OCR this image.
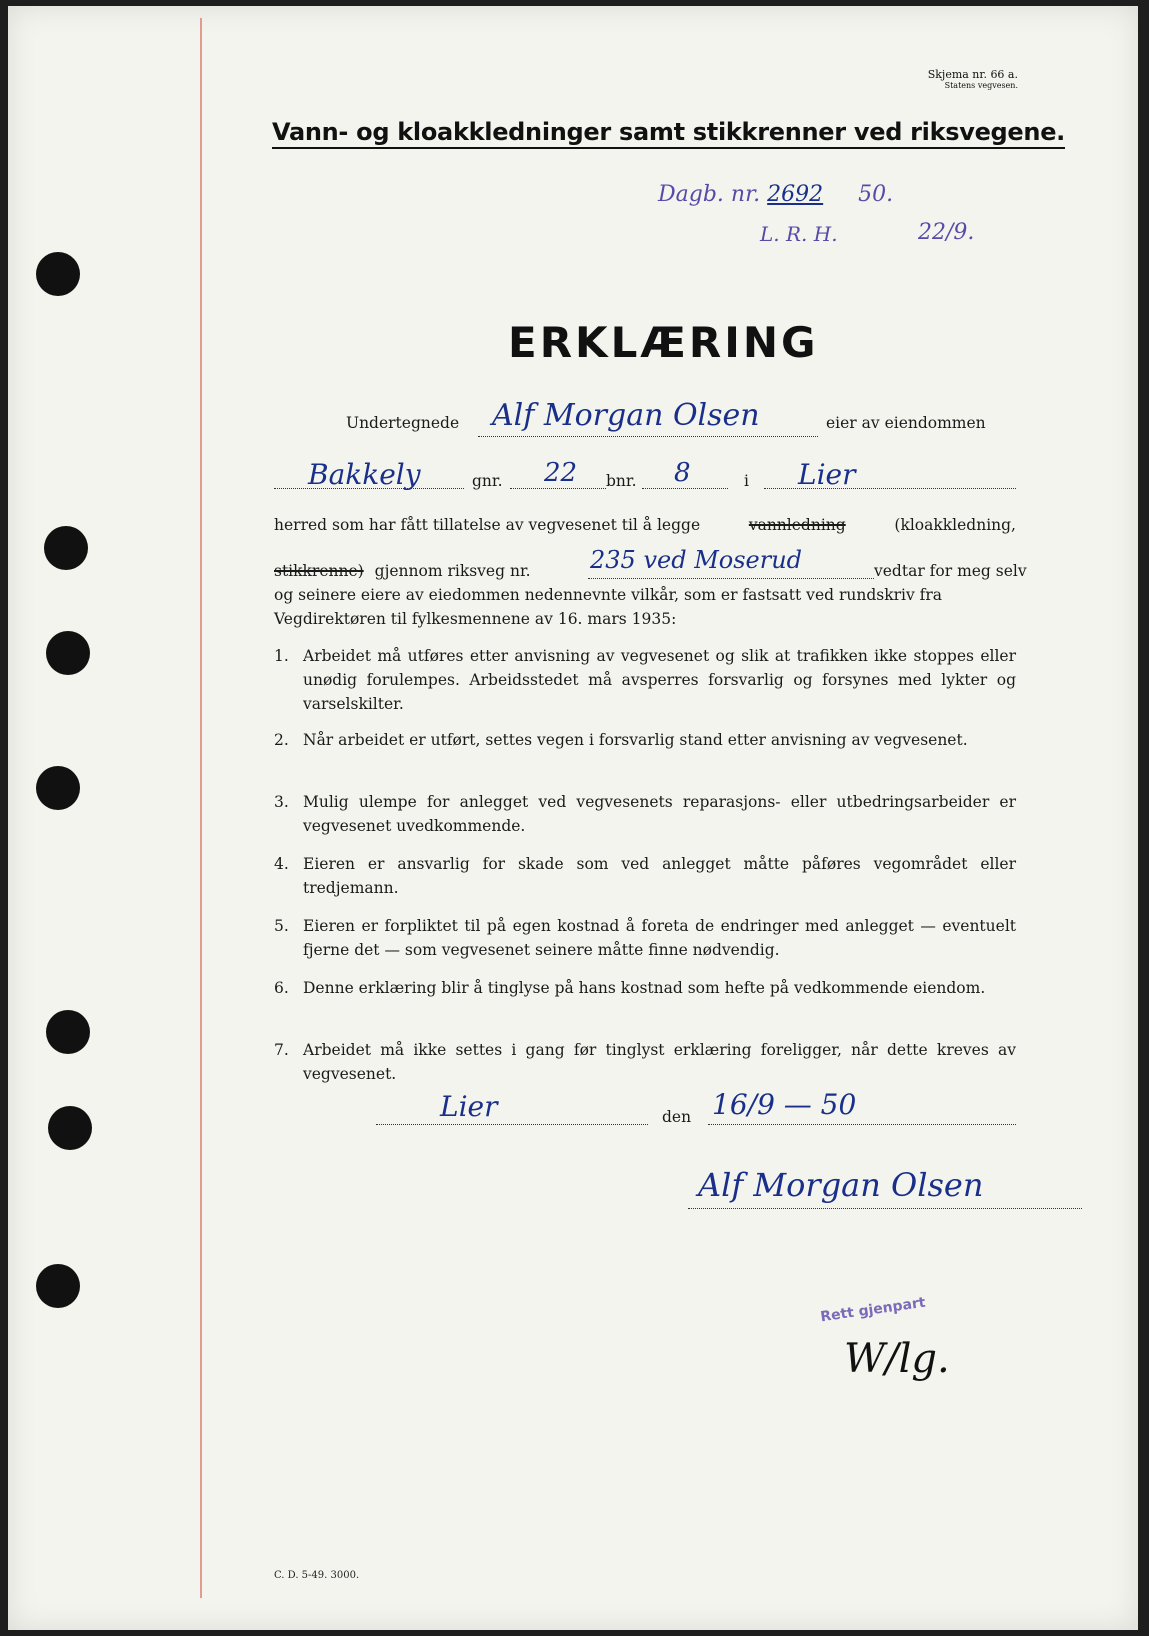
Skjema nr. 66 a.
Statens vegvesen.
Vann- og kloakkledninger samt stikkrenner ved riksvegene.
Dagb. nr. 2692 50.
L. R. H.	22/9.
ERKLÆRING
Undertegnede Alf Morgan Olsen	eier av eiendommen
Bakkely	gnr. 22 bnr. 8	i Lier
herred som har fått tillatelse av vegvesenet til å legge	vannledning	(kloakkledning,
stikkrenne) gjennom riksveg nr. 235 ved Moserud	vedtar for meg selv
og seinere eiere av eiedommen nedennevnte vilkår, som er fastsatt ved rundskriv fra
Vegdirektøren til fylkesmennene av 16. mars 1935:
1. Arbeidet må utføres etter anvisning av vegvesenet og slik at trafikken ikke stoppes eller unødig forulempes. Arbeidsstedet må avsperres forsvarlig og forsynes med lykter og varselskilter.
2. Når arbeidet er utført, settes vegen i forsvarlig stand etter anvisning av vegvesenet.
3. Mulig ulempe for anlegget ved vegvesenets reparasjons- eller utbedringsarbeider er vegvesenet uvedkommende.
4. Eieren er ansvarlig for skade som ved anlegget måtte påføres vegområdet eller tredjemann.
5. Eieren er forpliktet til på egen kostnad å foreta de endringer med anlegget — eventuelt fjerne det — som vegvesenet seinere måtte finne nødvendig.
6. Denne erklæring blir å tinglyse på hans kostnad som hefte på vedkommende eiendom.
7. Arbeidet må ikke settes i gang før tinglyst erklæring foreligger, når dette kreves av vegvesenet.
Lier	den 16/9 — 50
Alf Morgan Olsen
Rett gjenpart
W/lg.
C. D. 5-49. 3000.
